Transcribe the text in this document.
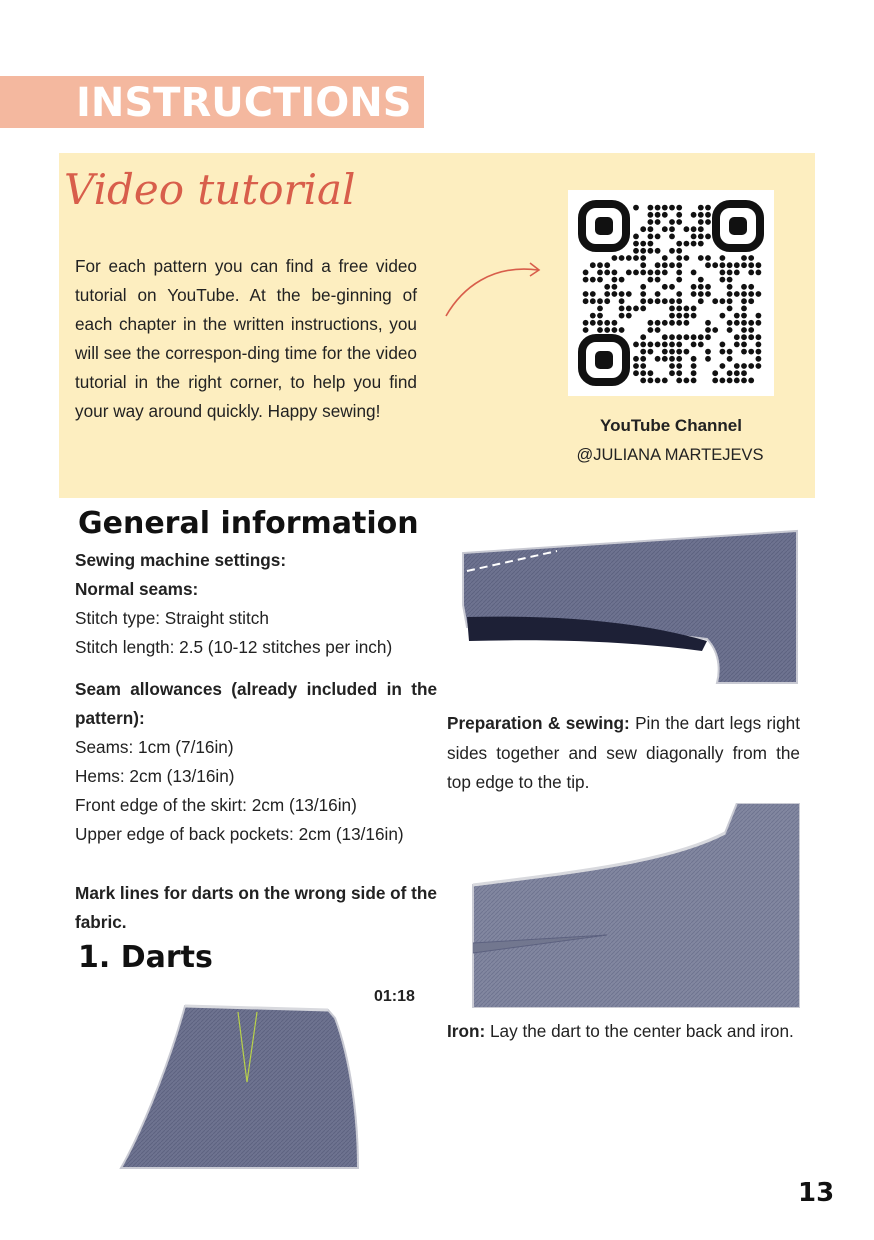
INSTRUCTIONS
Video tutorial

For each pattern you can find a free video tutorial on YouTube. At the be-ginning of each chapter in the written instructions, you will see the correspon-ding time for the video tutorial in the right corner, to help you find your way around quickly. Happy sewing!

YouTube Channel
@JULIANA MARTEJEVS
General information
Sewing machine settings:
Normal seams:
Stitch type: Straight stitch
Stitch length: 2.5 (10-12 stitches per inch)
Seam allowances (already included in the pattern):
Seams: 1cm (7/16in)
Hems: 2cm (13/16in)
Front edge of the skirt: 2cm (13/16in)
Upper edge of back pockets: 2cm (13/16in)
Mark lines for darts on the wrong side of the fabric.
1. Darts
01:18

Preparation & sewing: Pin the dart legs right sides together and sew diagonally from the top edge to the tip.

Iron: Lay the dart to the center back and iron.

13
